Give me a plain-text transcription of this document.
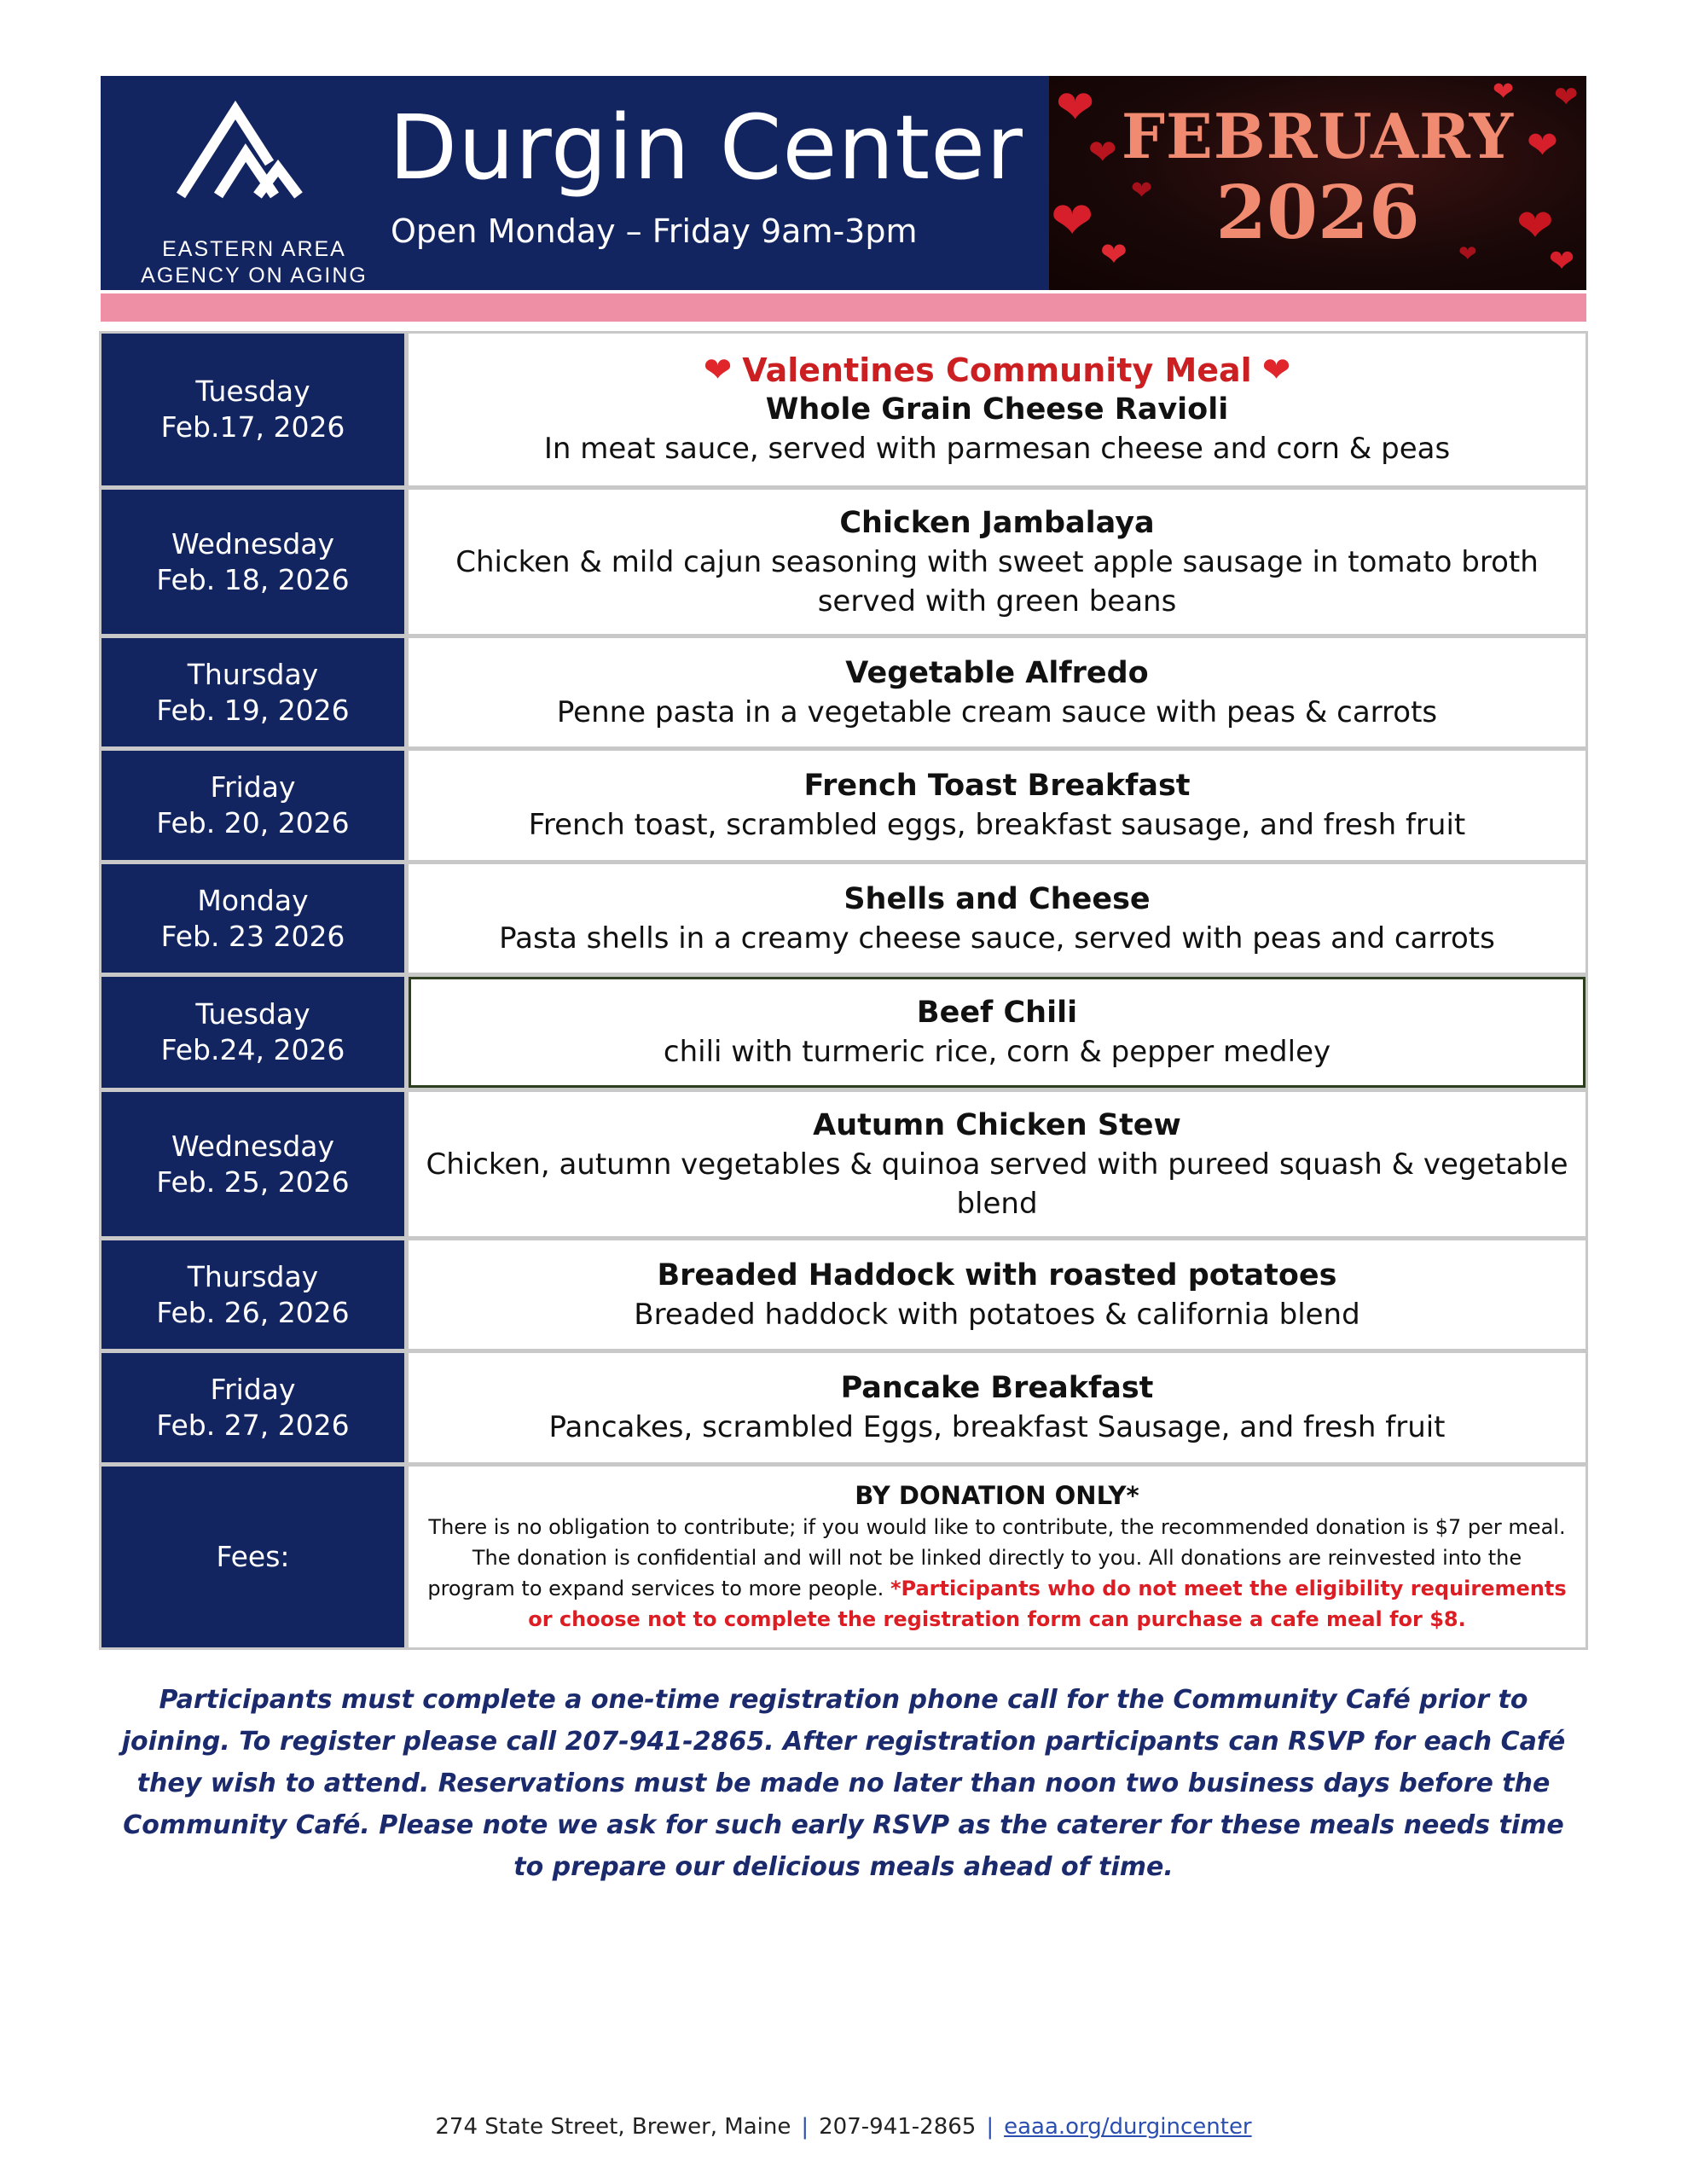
EASTERN AREA
AGENCY ON AGING
Durgin Center
Open Monday – Friday 9am-3pm
❤
❤
❤
❤
❤
❤
❤
❤
❤
❤
❤
FEBRUARY
2026
Tuesday
Feb.17, 2026
❤ Valentines Community Meal ❤
Whole Grain Cheese Ravioli
In meat sauce, served with parmesan cheese and corn & peas
Wednesday
Feb. 18, 2026
Chicken Jambalaya
Chicken & mild cajun seasoning with sweet apple sausage in tomato broth served with green beans
Thursday
Feb. 19, 2026
Vegetable Alfredo
Penne pasta in a vegetable cream sauce with peas & carrots
Friday
Feb. 20, 2026
French Toast Breakfast
French toast, scrambled eggs, breakfast sausage, and fresh fruit
Monday
Feb. 23 2026
Shells and Cheese
Pasta shells in a creamy cheese sauce, served with peas and carrots
Tuesday
Feb.24, 2026
Beef Chili
chili with turmeric rice, corn & pepper medley
Wednesday
Feb. 25, 2026
Autumn Chicken Stew
Chicken, autumn vegetables & quinoa served with pureed squash & vegetable blend
Thursday
Feb. 26, 2026
Breaded Haddock with roasted potatoes
Breaded haddock with potatoes & california blend
Friday
Feb. 27, 2026
Pancake Breakfast
Pancakes, scrambled Eggs, breakfast Sausage, and fresh fruit
Fees:
BY DONATION ONLY*
There is no obligation to contribute; if you would like to contribute, the recommended donation is $7 per meal. The donation is confidential and will not be linked directly to you. All donations are reinvested into the program to expand services to more people. *Participants who do not meet the eligibility requirements or choose not to complete the registration form can purchase a cafe meal for $8.
Participants must complete a one-time registration phone call for the Community Café prior to joining. To register please call 207-941-2865. After registration participants can RSVP for each Café they wish to attend. Reservations must be made no later than noon two business days before the Community Café. Please note we ask for such early RSVP as the caterer for these meals needs time to prepare our delicious meals ahead of time.
274 State Street, Brewer, Maine | 207-941-2865 | eaaa.org/durgincenter
